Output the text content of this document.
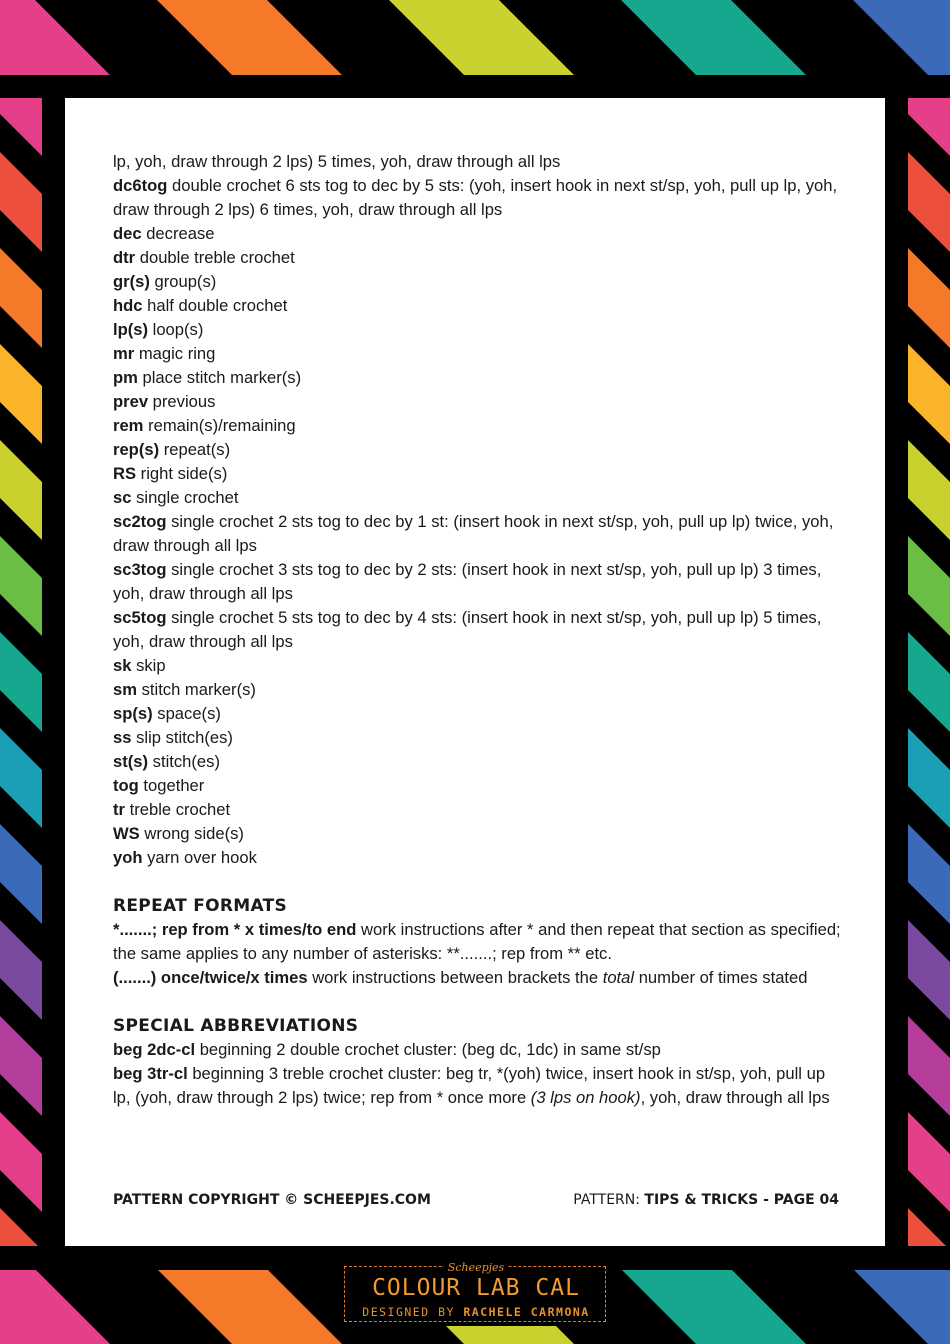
lp, yoh, draw through 2 lps) 5 times, yoh, draw through all lps

dc6tog double crochet 6 sts tog to dec by 5 sts: (yoh, insert hook in next st/sp, yoh, pull up lp, yoh, draw through 2 lps) 6 times, yoh, draw through all lps

dec decrease

dtr double treble crochet

gr(s) group(s)

hdc half double crochet

lp(s) loop(s)

mr magic ring

pm place stitch marker(s)

prev previous

rem remain(s)/remaining

rep(s) repeat(s)

RS right side(s)

sc single crochet

sc2tog single crochet 2 sts tog to dec by 1 st: (insert hook in next st/sp, yoh, pull up lp) twice, yoh, draw through all lps

sc3tog single crochet 3 sts tog to dec by 2 sts: (insert hook in next st/sp, yoh, pull up lp) 3 times, yoh, draw through all lps

sc5tog single crochet 5 sts tog to dec by 4 sts: (insert hook in next st/sp, yoh, pull up lp) 5 times, yoh, draw through all lps

sk skip

sm stitch marker(s)

sp(s) space(s)

ss slip stitch(es)

st(s) stitch(es)

tog together

tr treble crochet

WS wrong side(s)

yoh yarn over hook

REPEAT FORMATS

*.......; rep from * x times/to end work instructions after * and then repeat that section as specified; the same applies to any number of asterisks: **.......; rep from ** etc.

(.......) once/twice/x times work instructions between brackets the total number of times stated

SPECIAL ABBREVIATIONS

beg 2dc-cl beginning 2 double crochet cluster: (beg dc, 1dc) in same st/sp

beg 3tr-cl beginning 3 treble crochet cluster: beg tr, *(yoh) twice, insert hook in st/sp, yoh, pull up lp, (yoh, draw through 2 lps) twice; rep from * once more (3 lps on hook), yoh, draw through all lps

PATTERN COPYRIGHT © SCHEEPJES.COM	PATTERN: TIPS & TRICKS - PAGE 04
Scheepjes
COLOUR LAB CAL
DESIGNED BY RACHELE CARMONA
